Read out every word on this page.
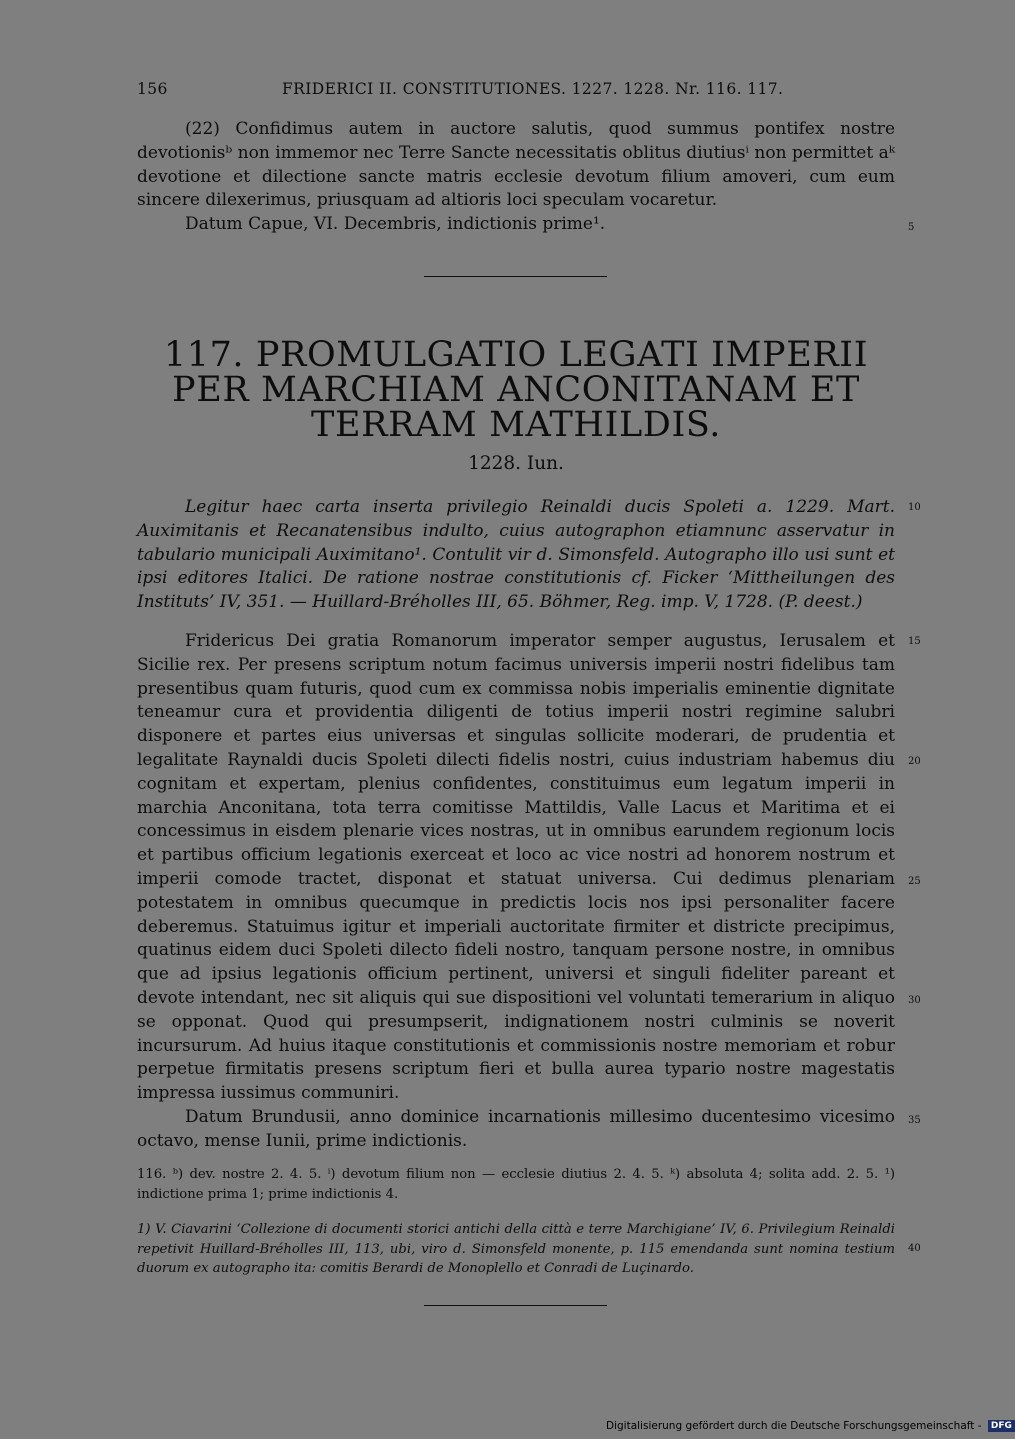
156	FRIDERICI II. CONSTITUTIONES. 1227. 1228. Nr. 116. 117.

(22) Confidimus autem in auctore salutis, quod summus pontifex nostre devotionisᵇ non immemor nec Terre Sancte necessitatis oblitus diutiusⁱ non permittet aᵏ devotione et dilectione sancte matris ecclesie devotum filium amoveri, cum eum sincere dilexerimus, priusquam ad altioris loci speculam vocaretur.

Datum Capue, VI. Decembris, indictionis prime¹.	5
117. PROMULGATIO LEGATI IMPERII PER MARCHIAM ANCONITANAM ET TERRAM MATHILDIS.
1228. Iun.

Legitur haec carta inserta privilegio Reinaldi ducis Spoleti a. 1229. Mart. Auximitanis et Recanatensibus indulto, cuius autographon etiamnunc asservatur in tabulario municipali Auximitano¹. Contulit vir d. Simonsfeld. Autographo illo usi sunt et ipsi editores Italici. De ratione nostrae constitutionis cf. Ficker ‘Mittheilungen des Instituts’ IV, 351. — Huillard-Bréholles III, 65. Böhmer, Reg. imp. V, 1728. (P. deest.)

10

Fridericus Dei gratia Romanorum imperator semper augustus, Ierusalem et Sicilie rex. Per presens scriptum notum facimus universis imperii nostri fidelibus tam presentibus quam futuris, quod cum ex commissa nobis imperialis eminentie dignitate teneamur cura et providentia diligenti de totius imperii nostri regimine salubri disponere et partes eius universas et singulas sollicite moderari, de prudentia et legalitate Raynaldi ducis Spoleti dilecti fidelis nostri, cuius industriam habemus diu cognitam et expertam, plenius confidentes, constituimus eum legatum imperii in marchia Anconitana, tota terra comitisse Mattildis, Valle Lacus et Maritima et ei concessimus in eisdem plenarie vices nostras, ut in omnibus earundem regionum locis et partibus officium legationis exerceat et loco ac vice nostri ad honorem nostrum et imperii comode tractet, disponat et statuat universa. Cui dedimus plenariam potestatem in omnibus quecumque in predictis locis nos ipsi personaliter facere deberemus. Statuimus igitur et imperiali auctoritate firmiter et districte precipimus, quatinus eidem duci Spoleti dilecto fideli nostro, tanquam persone nostre, in omnibus que ad ipsius legationis officium pertinent, universi et singuli fideliter pareant et devote intendant, nec sit aliquis qui sue dispositioni vel voluntati temerarium in aliquo se opponat. Quod qui presumpserit, indignationem nostri culminis se noverit incursurum. Ad huius itaque constitutionis et commissionis nostre memoriam et robur perpetue firmitatis presens scriptum fieri et bulla aurea typario nostre magestatis impressa iussimus communiri.

Datum Brundusii, anno dominice incarnationis millesimo ducentesimo vicesimo octavo, mense Iunii, prime indictionis.

15
20
25
30
35

116. ᵇ) dev. nostre 2. 4. 5. ⁱ) devotum filium non — ecclesie diutius 2. 4. 5. ᵏ) absoluta 4; solita add. 2. 5. ¹) indictione prima 1; prime indictionis 4.

1) V. Ciavarini ‘Collezione di documenti storici antichi della città e terre Marchigiane’ IV, 6. Privilegium Reinaldi repetivit Huillard-Bréholles III, 113, ubi, viro d. Simonsfeld monente, p. 115 emendanda sunt nomina testium duorum ex autographo ita: comitis Berardi de Monoplello et Conradi de Luçinardo.

40
Digitalisierung gefördert durch die Deutsche Forschungsgemeinschaft - DFG
